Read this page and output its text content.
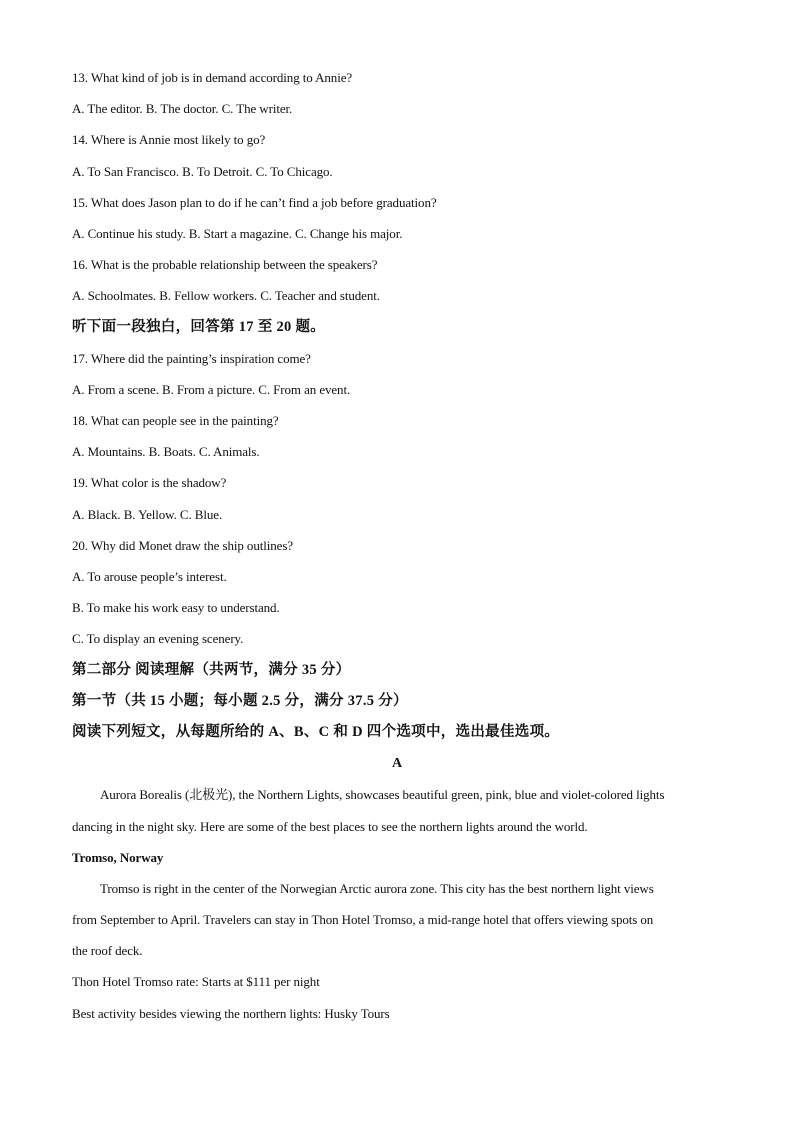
13. What kind of job is in demand according to Annie?
A. The editor. B. The doctor. C. The writer.
14. Where is Annie most likely to go?
A. To San Francisco. B. To Detroit. C. To Chicago.
15. What does Jason plan to do if he can’t find a job before graduation?
A. Continue his study. B. Start a magazine. C. Change his major.
16. What is the probable relationship between the speakers?
A. Schoolmates. B. Fellow workers. C. Teacher and student.
听下面一段独白，回答第 17 至 20 题。
17. Where did the painting’s inspiration come?
A. From a scene. B. From a picture. C. From an event.
18. What can people see in the painting?
A. Mountains. B. Boats. C. Animals.
19. What color is the shadow?
A. Black. B. Yellow. C. Blue.
20. Why did Monet draw the ship outlines?
A. To arouse people’s interest.
B. To make his work easy to understand.
C. To display an evening scenery.
第二部分 阅读理解（共两节，满分 35 分）
第一节（共 15 小题；每小题 2.5 分，满分 37.5 分）
阅读下列短文，从每题所给的 A、B、C 和 D 四个选项中，选出最佳选项。
A
Aurora Borealis (北极光), the Northern Lights, showcases beautiful green, pink, blue and violet-colored lights
dancing in the night sky. Here are some of the best places to see the northern lights around the world.
Tromso, Norway
Tromso is right in the center of the Norwegian Arctic aurora zone. This city has the best northern light views
from September to April. Travelers can stay in Thon Hotel Tromso, a mid-range hotel that offers viewing spots on
the roof deck.
Thon Hotel Tromso rate: Starts at $111 per night
Best activity besides viewing the northern lights: Husky Tours
